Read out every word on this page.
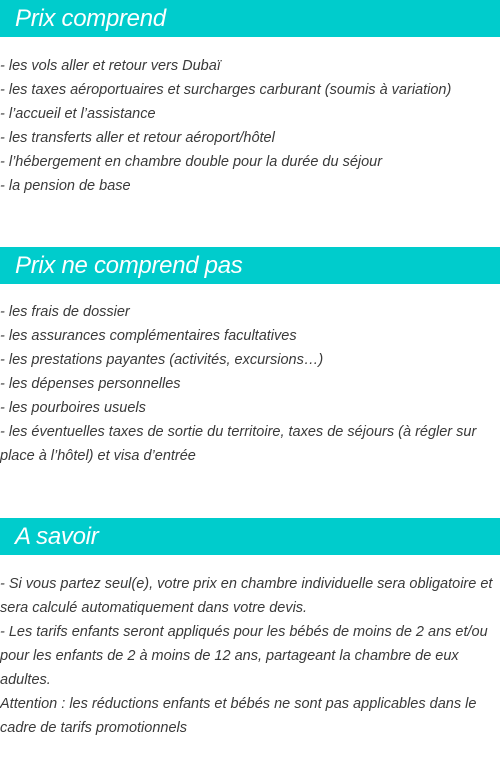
Prix comprend

- les vols aller et retour vers Dubaï

- les taxes aéroportuaires et surcharges carburant (soumis à variation)

- l’accueil et l’assistance

- les transferts aller et retour aéroport/hôtel

- l’hébergement en chambre double pour la durée du séjour

- la pension de base

Prix ne comprend pas

- les frais de dossier

- les assurances complémentaires facultatives

- les prestations payantes (activités, excursions…)

- les dépenses personnelles

- les pourboires usuels

- les éventuelles taxes de sortie du territoire, taxes de séjours (à régler sur place à l’hôtel) et visa d’entrée

A savoir

- Si vous partez seul(e), votre prix en chambre individuelle sera obligatoire et sera calculé automatiquement dans votre devis.

- Les tarifs enfants seront appliqués pour les bébés de moins de 2 ans et/ou pour les enfants de 2 à moins de 12 ans, partageant la chambre de eux adultes.

Attention : les réductions enfants et bébés ne sont pas applicables dans le cadre de tarifs promotionnels
